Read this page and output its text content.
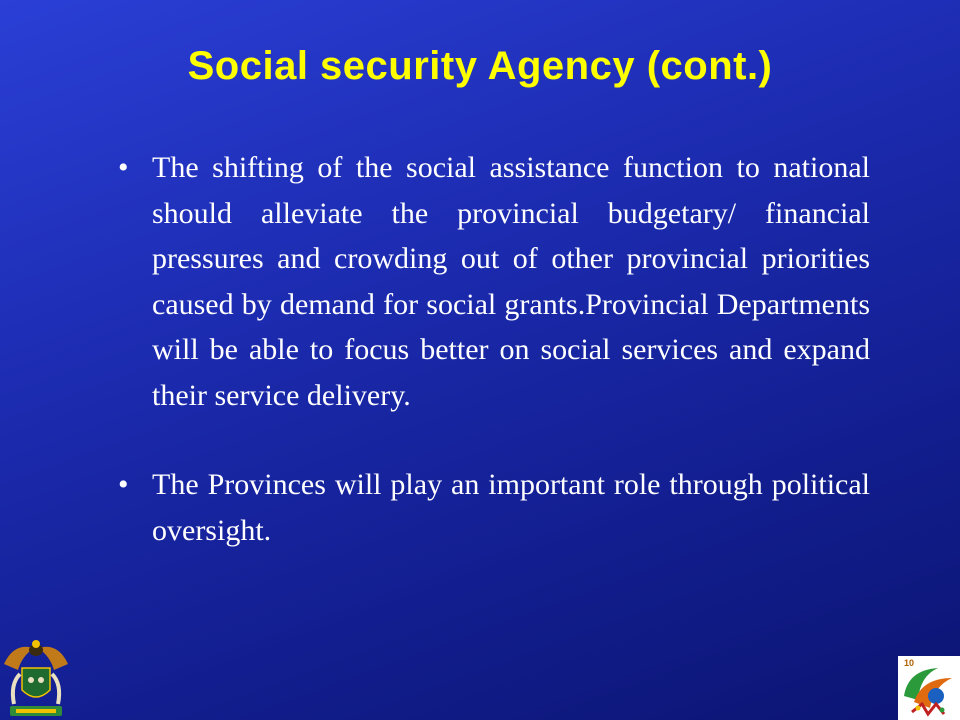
Social security Agency (cont.)
• The shifting of the social assistance function to national should alleviate the provincial budgetary/ financial pressures and crowding out of other provincial priorities caused by demand for social grants.Provincial Departments will be able to focus better on social services and expand their service delivery.
• The Provinces will play an important role through political oversight.
10
